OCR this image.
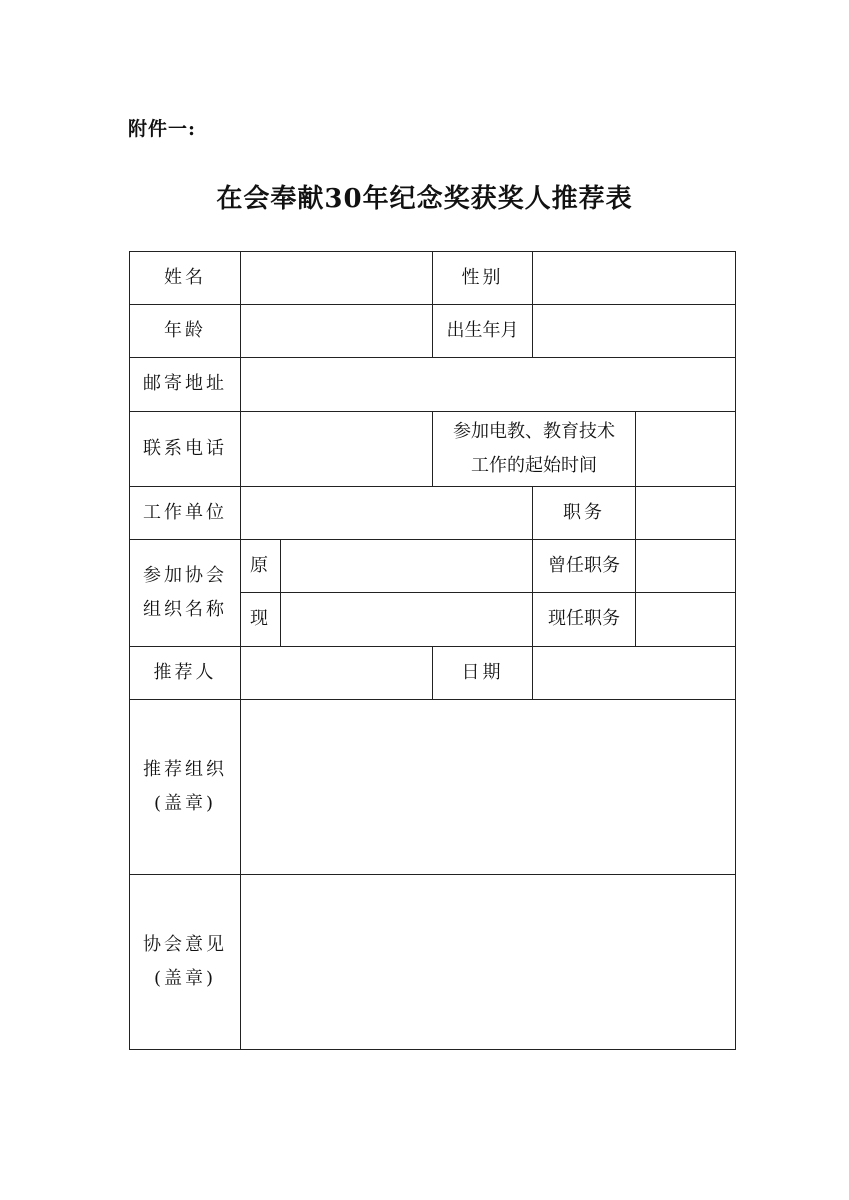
附件一:
在会奉献30年纪念奖获奖人推荐表
姓名			性别		
年龄			出生年月		
邮寄地址					
联系电话			参加电教、教育技术
工作的起始时间		

工作单位				职务	

参加协会
组织名称	原			曾任职务	
	现			现任职务	
推荐人			日期		

推荐组织
(盖章)					

协会意见
(盖章)					
